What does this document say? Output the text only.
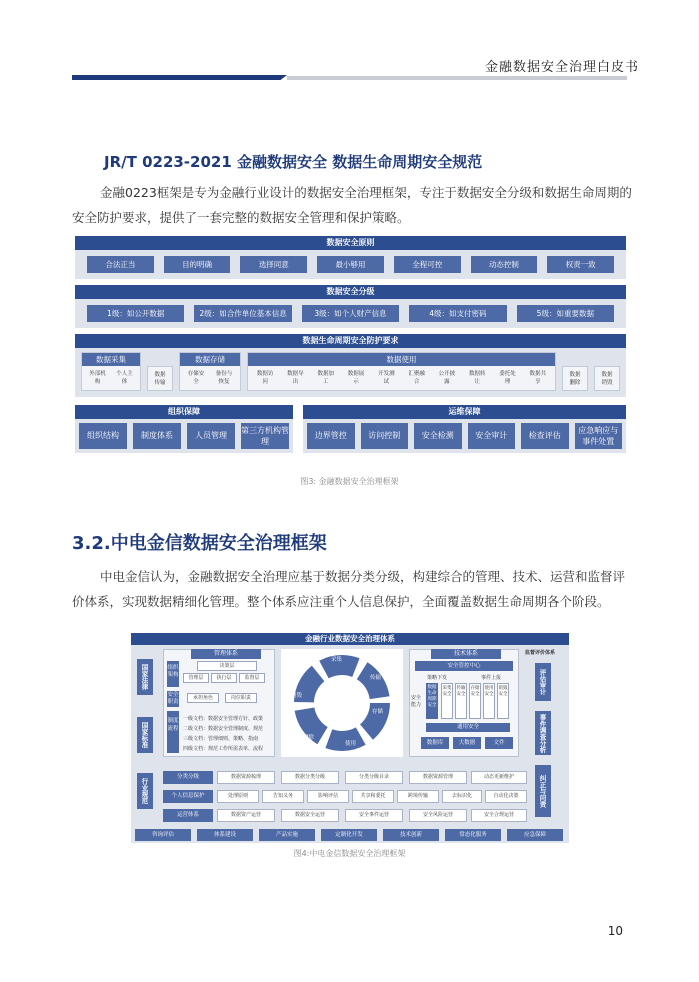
金融数据安全治理白皮书
JR/T 0223-2021 金融数据安全 数据生命周期安全规范
金融0223框架是专为金融行业设计的数据安全治理框架，专注于数据安全分级和数据生命周期的安全防护要求，提供了一套完整的数据安全管理和保护策略。
数据安全原则
合法正当	目的明确	选择同意	最小够用	全程可控	动态控制	权责一致
数据安全分级
1级：如公开数据	2级：如合作单位基本信息	3级：如个人财产信息	4级：如支付密码	5级：如重要数据
数据生命周期安全防护要求
数据采集
外部机构
个人主体
数据传输
数据存储
存储安全
备份与恢复
数据使用
数据访问
数据导出
数据加工
数据展示
开发测试
汇聚融合
公开披露
数据转让
委托处理
数据共享
数据删除
数据销毁
组织保障
组织结构	制度体系	人员管理
第三方机构管理
运维保障
边界管控	访问控制	安全检测	安全审计	检查评估
应急响应与事件处置
图3: 金融数据安全治理框架
3.2.中电金信数据安全治理框架
中电金信认为，金融数据安全治理应基于数据分类分级，构建综合的管理、技术、运营和监督评价体系，实现数据精细化管理。整个体系应注重个人信息保护，全面覆盖数据生命周期各个阶段。
金融行业数据安全治理体系
国家法律
国家标准
行业规范
管理体系
组织架构
决策层
管理层	执行层	监督层
安全职责
承担角色	岗位职责
制度流程
一级文档：数据安全管理方针、政策
二级文档：数据安全管理制度、规范
三级文档：管理细则、策略、指南
四级文档：规范工作所需表单、流程
采集
传输
存储
使用
删除
销毁
技术体系
安全管控中心
策略下发	事件上报
安全能力
数据生命周期安全
采集安全
传输安全
存储安全
使用安全
销毁安全
通用安全
数据库	大数据	文件
监督评价体系
评估审计
事件调查分析
纠正与问责
分类分级	数据资源梳理	数据分类分级	分类分级目录	数据资源管理	动态更新维护
个人信息保护	处理原则	告知义务	影响评估	共享和委托	跨境传输	去标识化	自动化决策
运营体系	数据资产运营	数据安全运营	安全事件运营	安全风险运营	安全合规运营
咨询评估	体系建设	产品实施	定制化开发	技术创新	常态化服务	应急保障
图4:中电金信数据安全治理框架
10
